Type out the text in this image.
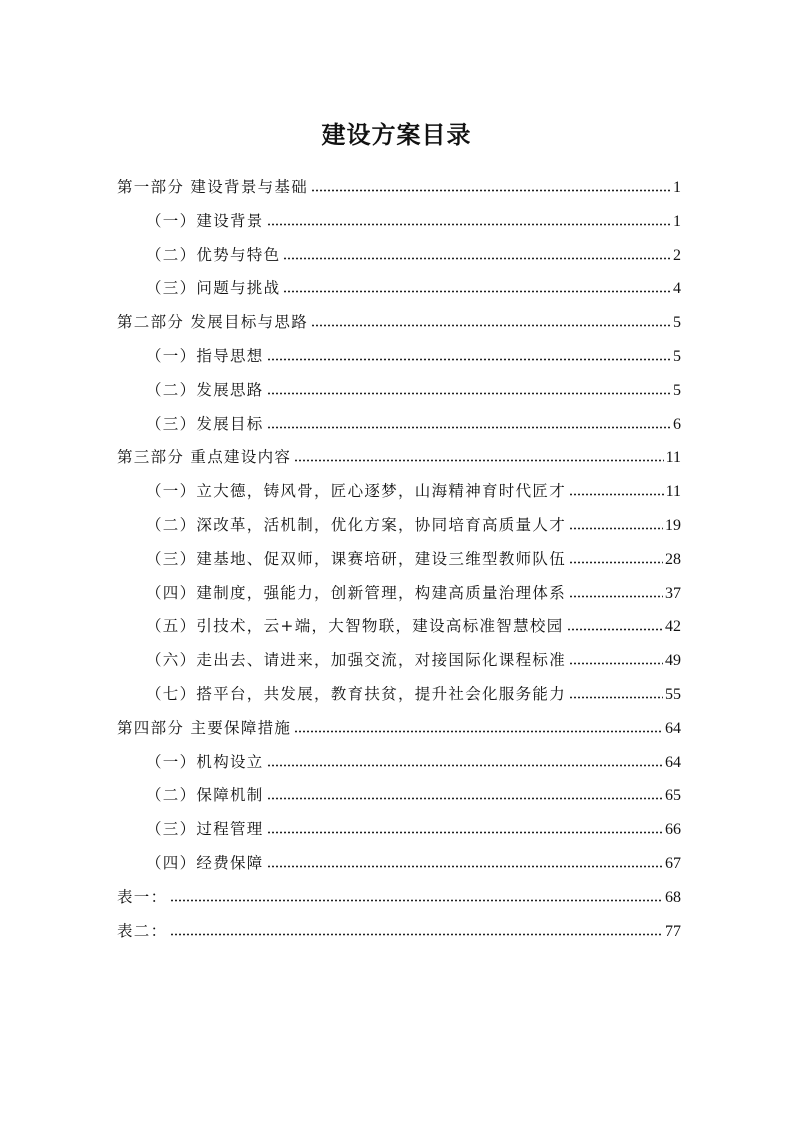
建设方案目录
第一部分 建设背景与基础	1
（一）建设背景	1
（二）优势与特色	2
（三）问题与挑战	4
第二部分 发展目标与思路	5
（一）指导思想	5
（二）发展思路	5
（三）发展目标	6
第三部分 重点建设内容	11
（一）立大德，铸风骨，匠心逐梦，山海精神育时代匠才	11
（二）深改革，活机制，优化方案，协同培育高质量人才	19
（三）建基地、促双师，课赛培研，建设三维型教师队伍	28
（四）建制度，强能力，创新管理，构建高质量治理体系	37
（五）引技术，云+端，大智物联，建设高标准智慧校园	42
（六）走出去、请进来，加强交流，对接国际化课程标准	49
（七）搭平台，共发展，教育扶贫，提升社会化服务能力	55
第四部分 主要保障措施	64
（一）机构设立	64
（二）保障机制	65
（三）过程管理	66
（四）经费保障	67
表一：	68
表二：	77
